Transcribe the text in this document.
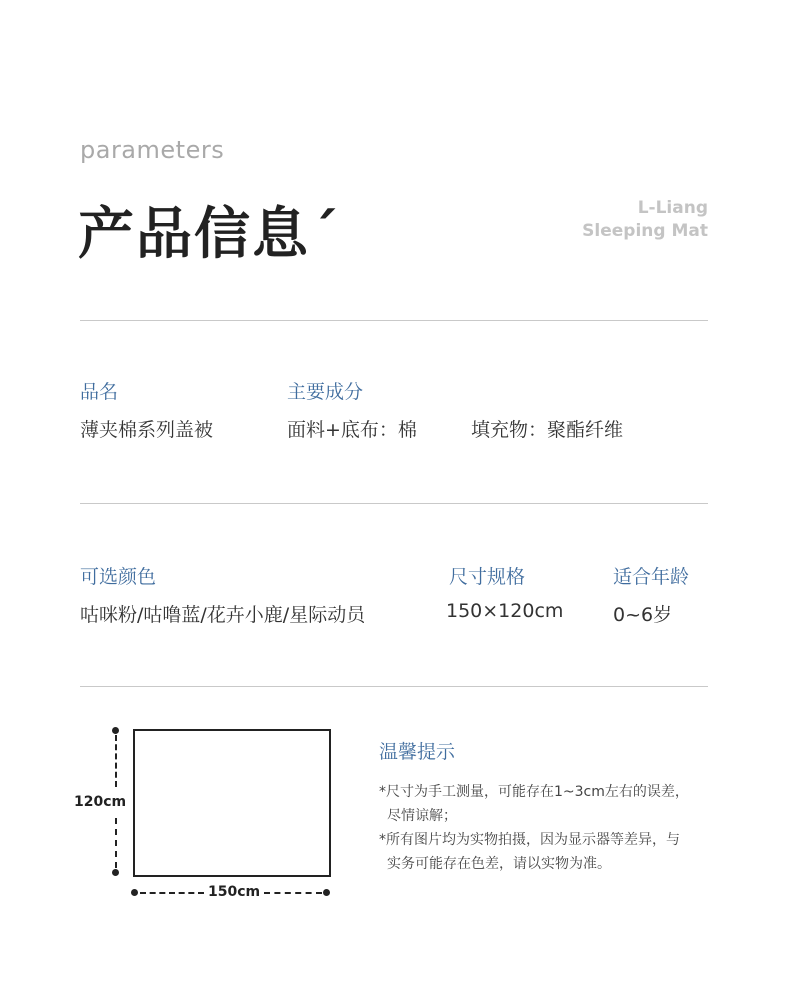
parameters
产品信息´	L-Liang
Sleeping Mat
品名
薄夹棉系列盖被
主要成分
面料+底布：棉	填充物：聚酯纤维
可选颜色
咕咪粉/咕噜蓝/花卉小鹿/星际动员
尺寸规格
150×120cm
适合年龄
0~6岁
120cm
150cm
温馨提示
*尺寸为手工测量，可能存在1~3cm左右的误差，
尽情谅解；
*所有图片均为实物拍摄，因为显示器等差异，与
实务可能存在色差，请以实物为准。
